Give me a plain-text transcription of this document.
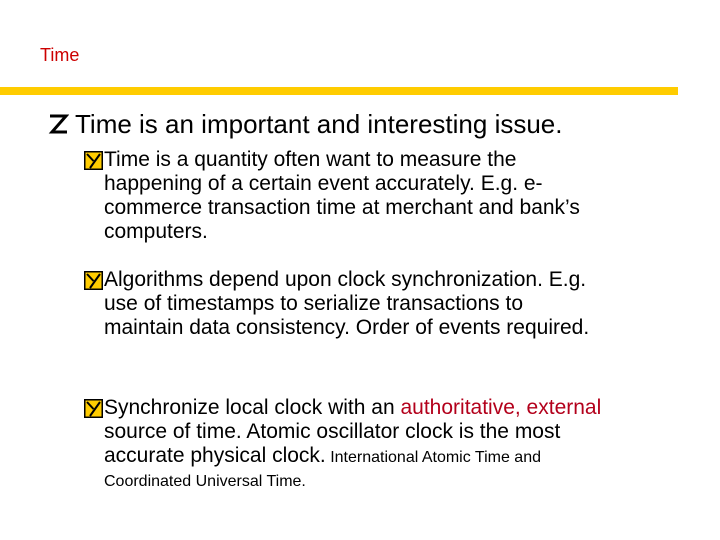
Time
Time is an important and interesting issue.
Time is a quantity often want to measure the
happening of a certain event accurately. E.g. e-
commerce transaction time at merchant and bank’s
computers.
Algorithms depend upon clock synchronization. E.g.
use of timestamps to serialize transactions to
maintain data consistency. Order of events required.
Synchronize local clock with an authoritative, external
source of time. Atomic oscillator clock is the most
accurate physical clock. International Atomic Time and
Coordinated Universal Time.
